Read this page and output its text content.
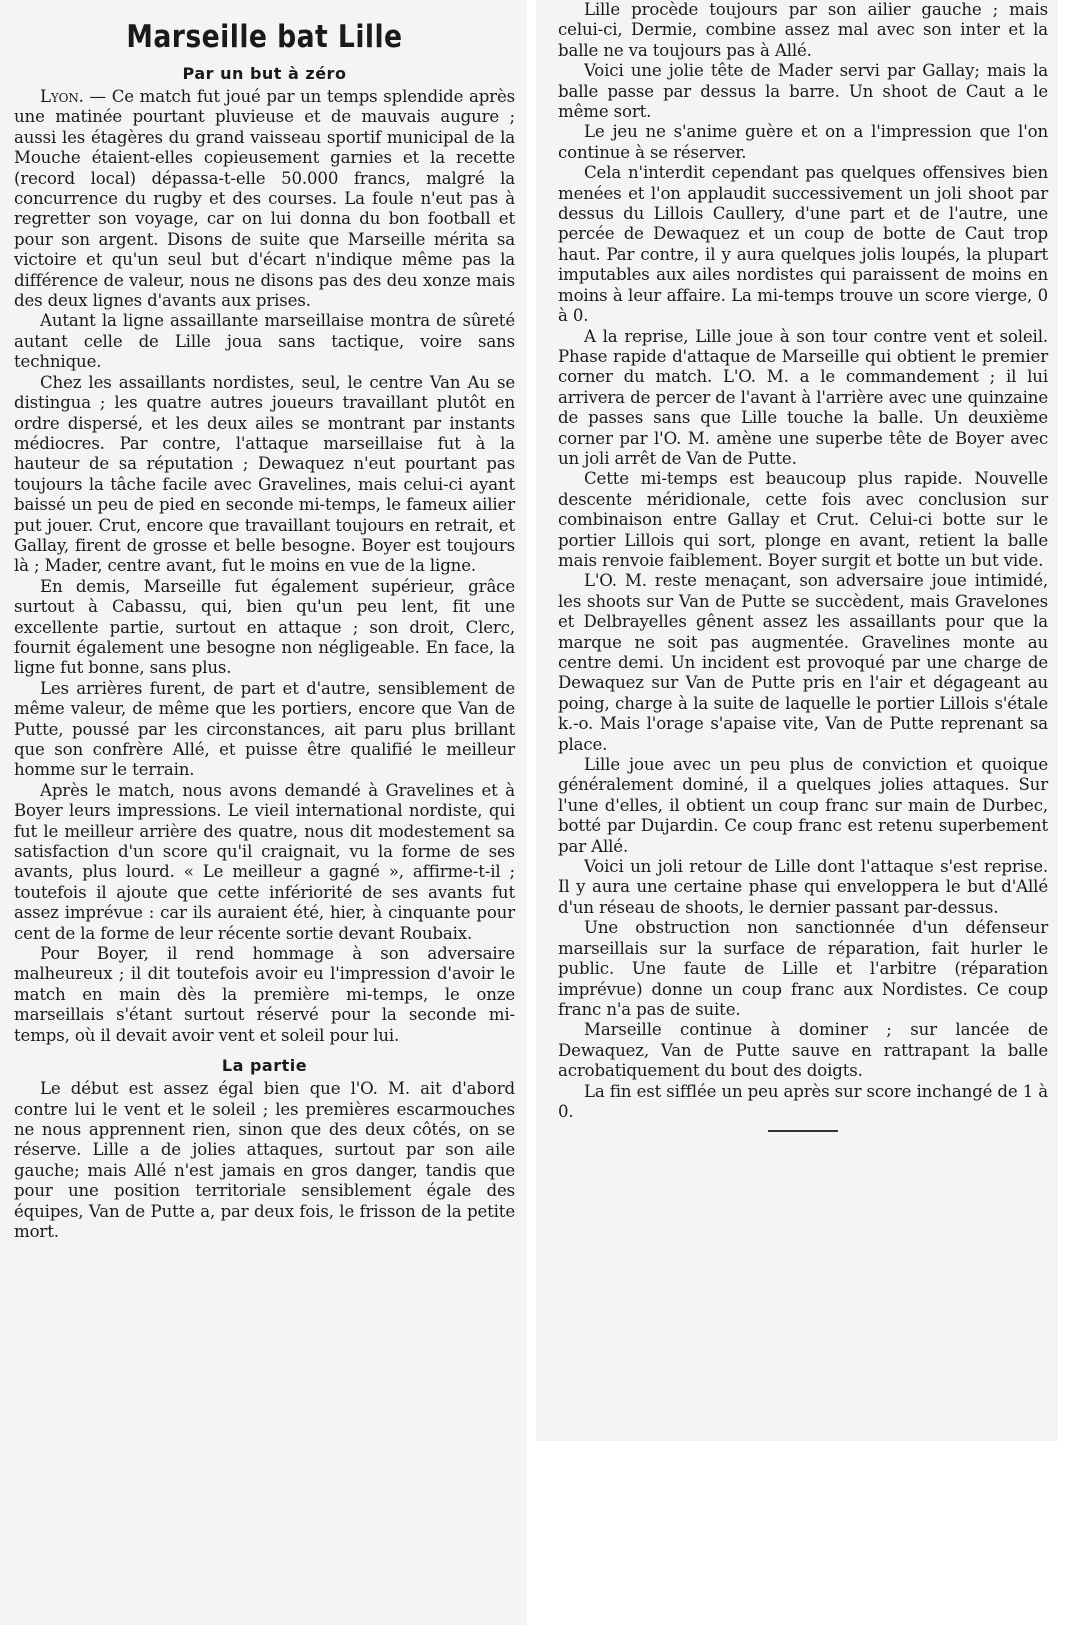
Marseille bat Lille
Par un but à zéro

Lyon. — Ce match fut joué par un temps splendide après une matinée pourtant pluvieuse et de mauvais augure ; aussi les étagères du grand vaisseau sportif municipal de la Mouche étaient-elles copieusement garnies et la recette (record local) dépassa-t-elle 50.000 francs, malgré la concurrence du rugby et des courses. La foule n'eut pas à regretter son voyage, car on lui donna du bon football et pour son argent. Disons de suite que Marseille mérita sa victoire et qu'un seul but d'écart n'indique même pas la différence de valeur, nous ne disons pas des deu xonze mais des deux lignes d'avants aux prises.

Autant la ligne assaillante marseillaise montra de sûreté autant celle de Lille joua sans tactique, voire sans technique.

Chez les assaillants nordistes, seul, le centre Van Au se distingua ; les quatre autres joueurs travaillant plutôt en ordre dispersé, et les deux ailes se montrant par instants médiocres. Par contre, l'attaque marseillaise fut à la hauteur de sa réputation ; Dewaquez n'eut pourtant pas toujours la tâche facile avec Gravelines, mais celui-ci ayant baissé un peu de pied en seconde mi-temps, le fameux ailier put jouer. Crut, encore que travaillant toujours en retrait, et Gallay, firent de grosse et belle besogne. Boyer est toujours là ; Mader, centre avant, fut le moins en vue de la ligne.

En demis, Marseille fut également supérieur, grâce surtout à Cabassu, qui, bien qu'un peu lent, fit une excellente partie, surtout en attaque ; son droit, Clerc, fournit également une besogne non négligeable. En face, la ligne fut bonne, sans plus.

Les arrières furent, de part et d'autre, sensiblement de même valeur, de même que les portiers, encore que Van de Putte, poussé par les circonstances, ait paru plus brillant que son confrère Allé, et puisse être qualifié le meilleur homme sur le terrain.

Après le match, nous avons demandé à Gravelines et à Boyer leurs impressions. Le vieil international nordiste, qui fut le meilleur arrière des quatre, nous dit modestement sa satisfaction d'un score qu'il craignait, vu la forme de ses avants, plus lourd. « Le meilleur a gagné », affirme-t-il ; toutefois il ajoute que cette infériorité de ses avants fut assez imprévue : car ils auraient été, hier, à cinquante pour cent de la forme de leur récente sortie devant Roubaix.

Pour Boyer, il rend hommage à son adversaire malheureux ; il dit toutefois avoir eu l'impression d'avoir le match en main dès la première mi-temps, le onze marseillais s'étant surtout réservé pour la seconde mi-temps, où il devait avoir vent et soleil pour lui.

La partie

Le début est assez égal bien que l'O. M. ait d'abord contre lui le vent et le soleil ; les premières escarmouches ne nous apprennent rien, sinon que des deux côtés, on se réserve. Lille a de jolies attaques, surtout par son aile gauche; mais Allé n'est jamais en gros danger, tandis que pour une position territoriale sensiblement égale des équipes, Van de Putte a, par deux fois, le frisson de la petite mort.

Lille procède toujours par son ailier gauche ; mais celui-ci, Dermie, combine assez mal avec son inter et la balle ne va toujours pas à Allé.

Voici une jolie tête de Mader servi par Gallay; mais la balle passe par dessus la barre. Un shoot de Caut a le même sort.

Le jeu ne s'anime guère et on a l'impression que l'on continue à se réserver.

Cela n'interdit cependant pas quelques offensives bien menées et l'on applaudit successivement un joli shoot par dessus du Lillois Caullery, d'une part et de l'autre, une percée de Dewaquez et un coup de botte de Caut trop haut. Par contre, il y aura quelques jolis loupés, la plupart imputables aux ailes nordistes qui paraissent de moins en moins à leur affaire. La mi-temps trouve un score vierge, 0 à 0.

A la reprise, Lille joue à son tour contre vent et soleil. Phase rapide d'attaque de Marseille qui obtient le premier corner du match. L'O. M. a le commandement ; il lui arrivera de percer de l'avant à l'arrière avec une quinzaine de passes sans que Lille touche la balle. Un deuxième corner par l'O. M. amène une superbe tête de Boyer avec un joli arrêt de Van de Putte.

Cette mi-temps est beaucoup plus rapide. Nouvelle descente méridionale, cette fois avec conclusion sur combinaison entre Gallay et Crut. Celui-ci botte sur le portier Lillois qui sort, plonge en avant, retient la balle mais renvoie faiblement. Boyer surgit et botte un but vide.

L'O. M. reste menaçant, son adversaire joue intimidé, les shoots sur Van de Putte se succèdent, mais Gravelones et Delbrayelles gênent assez les assaillants pour que la marque ne soit pas augmentée. Gravelines monte au centre demi. Un incident est provoqué par une charge de Dewaquez sur Van de Putte pris en l'air et dégageant au poing, charge à la suite de laquelle le portier Lillois s'étale k.-o. Mais l'orage s'apaise vite, Van de Putte reprenant sa place.

Lille joue avec un peu plus de conviction et quoique généralement dominé, il a quelques jolies attaques. Sur l'une d'elles, il obtient un coup franc sur main de Durbec, botté par Dujardin. Ce coup franc est retenu superbement par Allé.

Voici un joli retour de Lille dont l'attaque s'est reprise. Il y aura une certaine phase qui enveloppera le but d'Allé d'un réseau de shoots, le dernier passant par-dessus.

Une obstruction non sanctionnée d'un défenseur marseillais sur la surface de réparation, fait hurler le public. Une faute de Lille et l'arbitre (réparation imprévue) donne un coup franc aux Nordistes. Ce coup franc n'a pas de suite.

Marseille continue à dominer ; sur lancée de Dewaquez, Van de Putte sauve en rattrapant la balle acrobatiquement du bout des doigts.

La fin est sifflée un peu après sur score inchangé de 1 à 0.
